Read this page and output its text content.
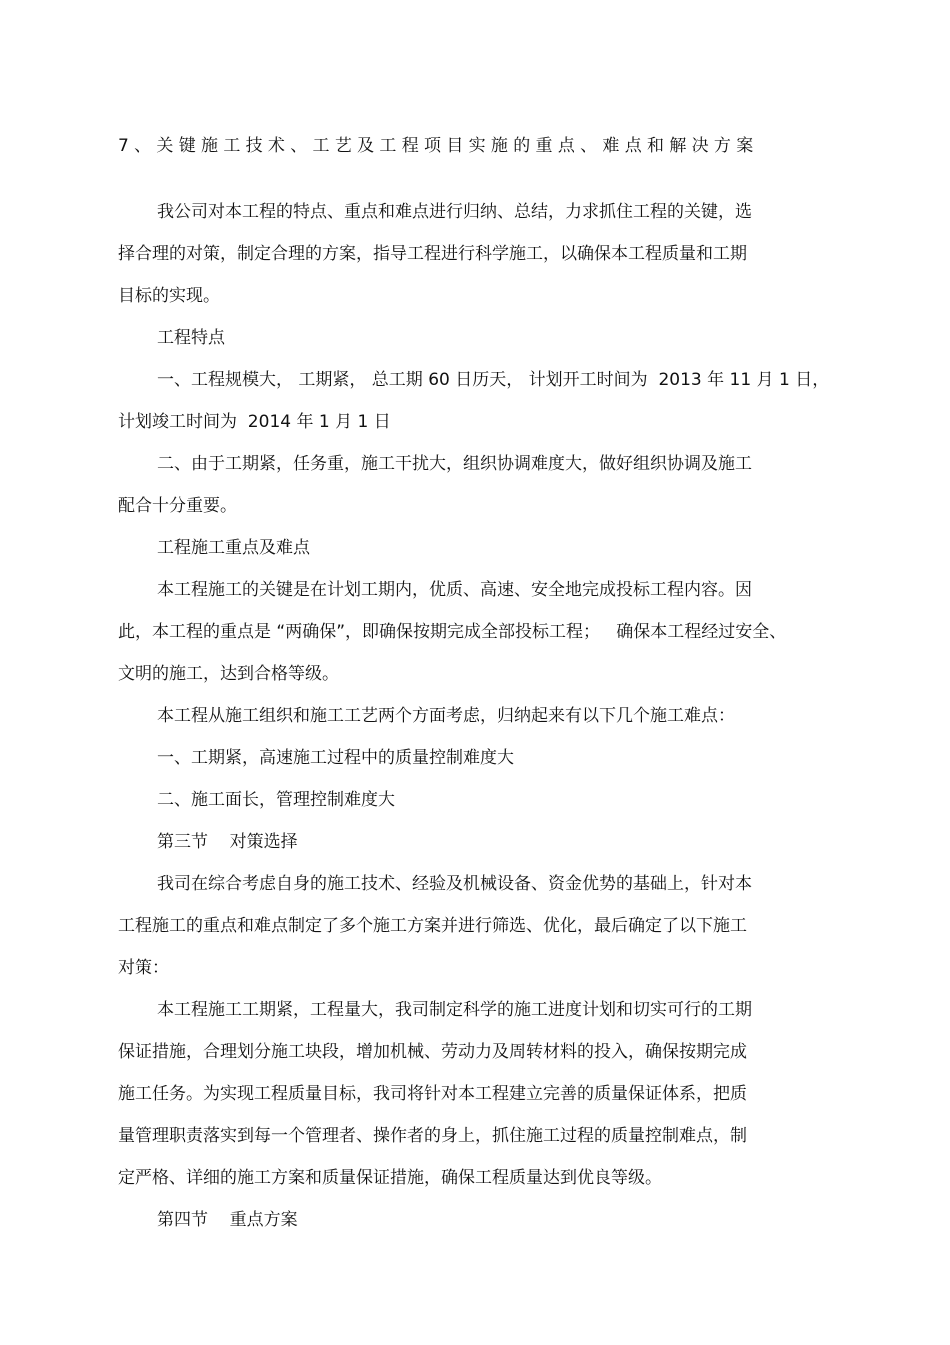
7、关键施工技术、工艺及工程项目实施的重点、难点和解决方案
我公司对本工程的特点、重点和难点进行归纳、总结，力求抓住工程的关键，选
择合理的对策，制定合理的方案，指导工程进行科学施工，以确保本工程质量和工期
目标的实现。
工程特点
一、工程规模大， 工期紧， 总工期 60 日历天， 计划开工时间为  2013 年 11 月 1 日，
计划竣工时间为  2014 年 1 月 1 日
二、由于工期紧，任务重，施工干扰大，组织协调难度大，做好组织协调及施工
配合十分重要。
工程施工重点及难点
本工程施工的关键是在计划工期内，优质、高速、安全地完成投标工程内容。因
此，本工程的重点是 “两确保”，即确保按期完成全部投标工程；   确保本工程经过安全、
文明的施工，达到合格等级。
本工程从施工组织和施工工艺两个方面考虑，归纳起来有以下几个施工难点：
一、工期紧，高速施工过程中的质量控制难度大
二、施工面长，管理控制难度大
第三节    对策选择
我司在综合考虑自身的施工技术、经验及机械设备、资金优势的基础上，针对本
工程施工的重点和难点制定了多个施工方案并进行筛选、优化，最后确定了以下施工
对策：
本工程施工工期紧，工程量大，我司制定科学的施工进度计划和切实可行的工期
保证措施，合理划分施工块段，增加机械、劳动力及周转材料的投入，确保按期完成
施工任务。为实现工程质量目标，我司将针对本工程建立完善的质量保证体系，把质
量管理职责落实到每一个管理者、操作者的身上，抓住施工过程的质量控制难点，制
定严格、详细的施工方案和质量保证措施，确保工程质量达到优良等级。
第四节    重点方案
